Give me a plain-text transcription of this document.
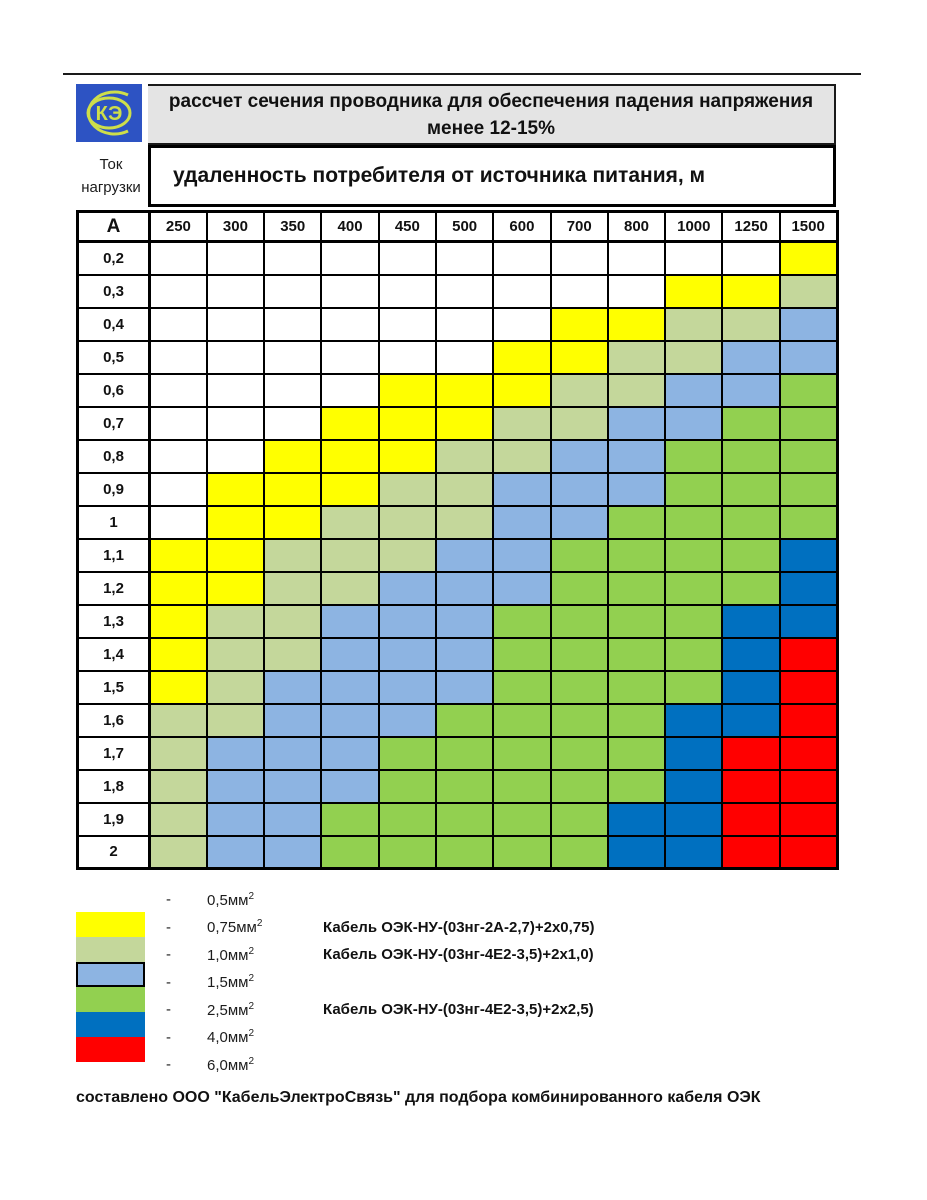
КЭ
рассчет сечения проводника для обеспечения падения напряжения
менее 12-15%
Ток
нагрузки
удаленность потребителя от источника питания, м
А	250	300	350	400	450	500	600	700	800	1000	1250	1500
0,2												
0,3												
0,4												
0,5												
0,6												
0,7												
0,8												
0,9												
1												
1,1												
1,2												
1,3												
1,4												
1,5												
1,6												
1,7												
1,8												
1,9												
2												
-	$0,5мм^2$
-	$0,75мм^2$	Кабель ОЭК-НУ-(03нг-2А-2,7)+2х0,75)
-	$1,0мм^2$	Кабель ОЭК-НУ-(03нг-4Е2-3,5)+2х1,0)
-	$1,5мм^2$
-	$2,5мм^2$	Кабель ОЭК-НУ-(03нг-4Е2-3,5)+2х2,5)
-	$4,0мм^2$
-	$6,0мм^2$
составлено ООО "КабельЭлектроСвязь" для подбора комбинированного кабеля ОЭК
